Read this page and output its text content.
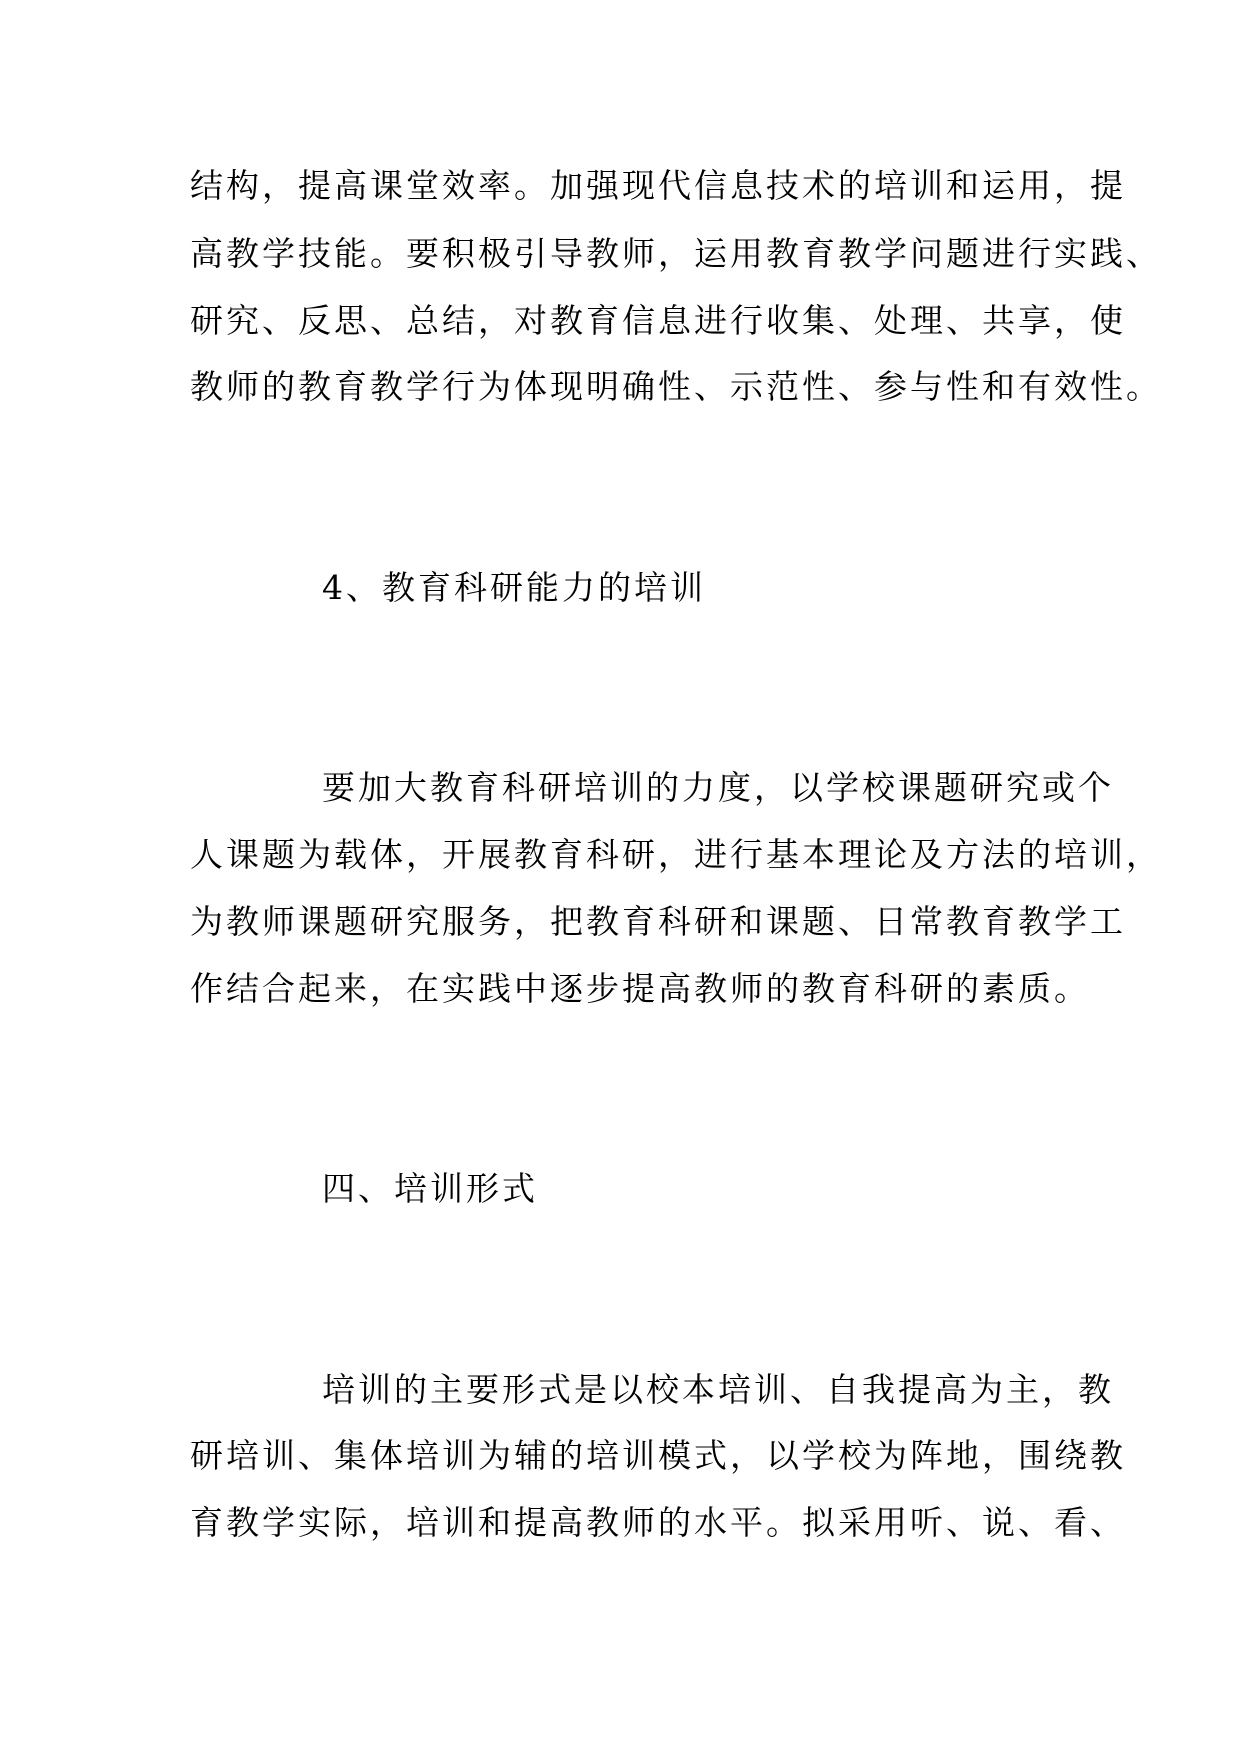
结构，提高课堂效率。加强现代信息技术的培训和运用，提
高教学技能。要积极引导教师，运用教育教学问题进行实践、
研究、反思、总结，对教育信息进行收集、处理、共享，使
教师的教育教学行为体现明确性、示范性、参与性和有效性。
4、教育科研能力的培训
要加大教育科研培训的力度，以学校课题研究或个
人课题为载体，开展教育科研，进行基本理论及方法的培训，
为教师课题研究服务，把教育科研和课题、日常教育教学工
作结合起来，在实践中逐步提高教师的教育科研的素质。
四、培训形式
培训的主要形式是以校本培训、自我提高为主，教
研培训、集体培训为辅的培训模式，以学校为阵地，围绕教
育教学实际，培训和提高教师的水平。拟采用听、说、看、
